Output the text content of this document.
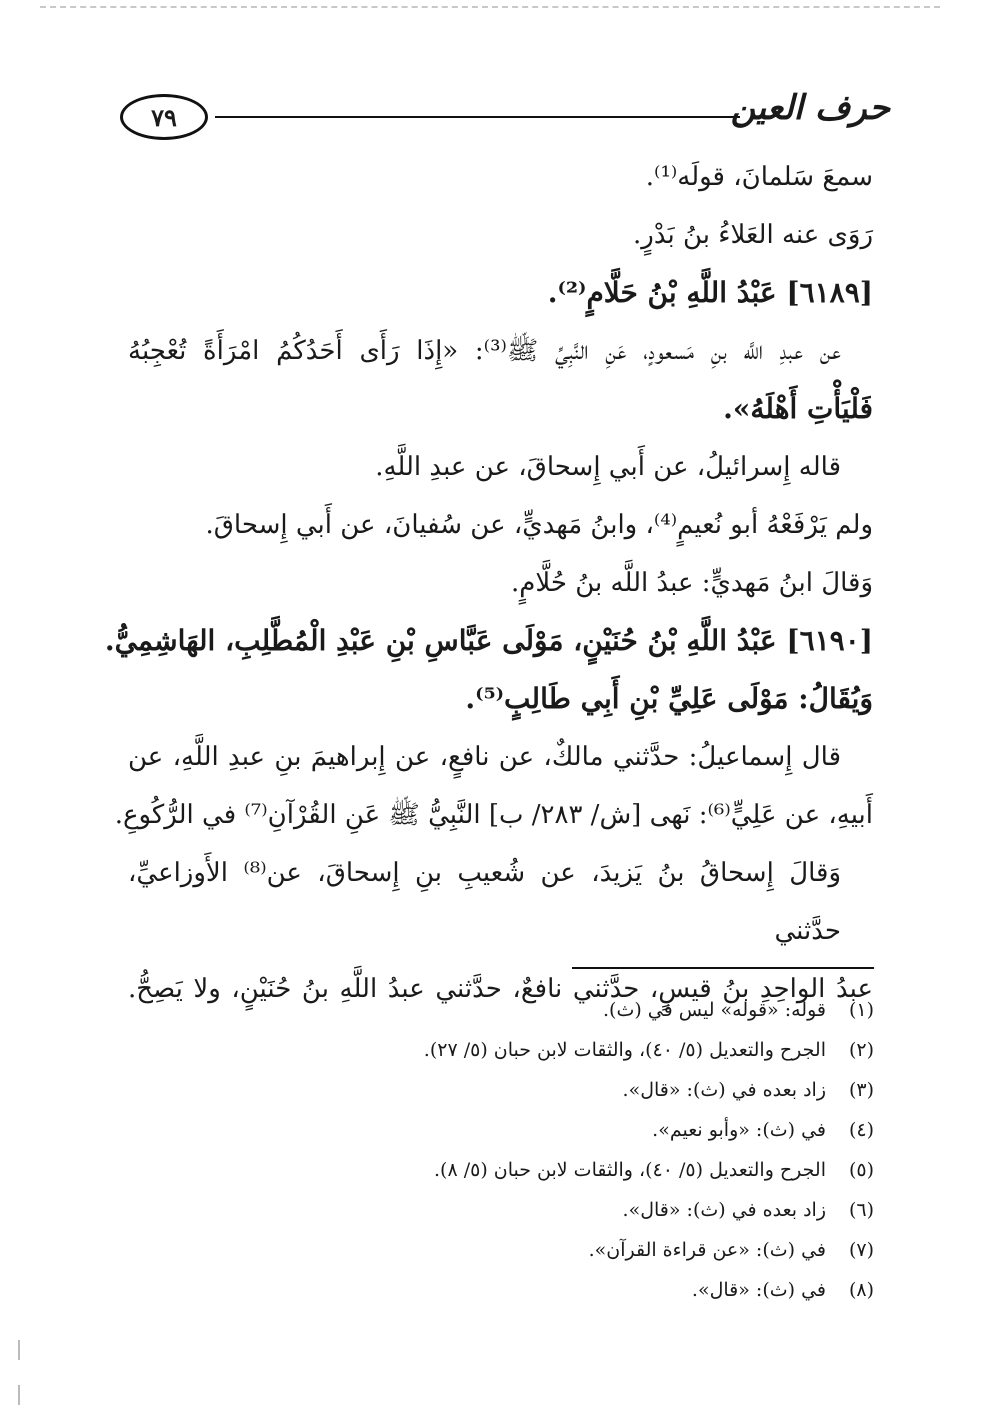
٧٩	حرف العين
سمعَ سَلمانَ، قولَه⁽¹⁾.
رَوَى عنه العَلاءُ بنُ بَدْرٍ.
[٦١٨٩] عَبْدُ اللَّهِ بْنُ حَلَّامٍ⁽²⁾.
عن عبدِ اللَّه بنِ مَسعودٍ، عَنِ النَّبِيِّ ﷺ⁽³⁾: «إِذَا رَأَى أَحَدُكُمُ امْرَأَةً تُعْجِبُهُ
فَلْيَأْتِ أَهْلَهُ».
قاله إِسرائيلُ، عن أَبي إِسحاقَ، عن عبدِ اللَّهِ.
ولم يَرْفَعْهُ أبو نُعيمٍ⁽⁴⁾، وابنُ مَهديٍّ، عن سُفيانَ، عن أَبي إِسحاقَ.
وَقالَ ابنُ مَهديٍّ: عبدُ اللَّه بنُ حُلَّامٍ.
[٦١٩٠] عَبْدُ اللَّهِ بْنُ حُنَيْنٍ، مَوْلَى عَبَّاسِ بْنِ عَبْدِ الْمُطَّلِبِ، الهَاشِمِيُّ.
وَيُقَالُ: مَوْلَى عَلِيِّ بْنِ أَبِي طَالِبٍ⁽⁵⁾.
قال إِسماعيلُ: حدَّثني مالكٌ، عن نافعٍ، عن إِبراهيمَ بنِ عبدِ اللَّهِ، عن
أَبيهِ، عن عَلِيٍّ⁽⁶⁾: نَهى [ش/ ٢٨٣/ ب] النَّبِيُّ ﷺ عَنِ القُرْآنِ⁽⁷⁾ في الرُّكُوعِ.
وَقالَ إِسحاقُ بنُ يَزيدَ، عن شُعيبِ بنِ إِسحاقَ، عن⁽⁸⁾ الأَوزاعيِّ، حدَّثني
عبدُ الواحِدِ بنُ قيسٍ، حدَّثني نافعٌ، حدَّثني عبدُ اللَّهِ بنُ حُنَيْنٍ، ولا يَصِحُّ.
(١)
قوله: «قوله» ليس في (ث).
(٢)
الجرح والتعديل (٥/ ٤٠)، والثقات لابن حبان (٥/ ٢٧).
(٣)
زاد بعده في (ث): «قال».
(٤)
في (ث): «وأبو نعيم».
(٥)
الجرح والتعديل (٥/ ٤٠)، والثقات لابن حبان (٥/ ٨).
(٦)
زاد بعده في (ث): «قال».
(٧)
في (ث): «عن قراءة القرآن».
(٨)
في (ث): «قال».
